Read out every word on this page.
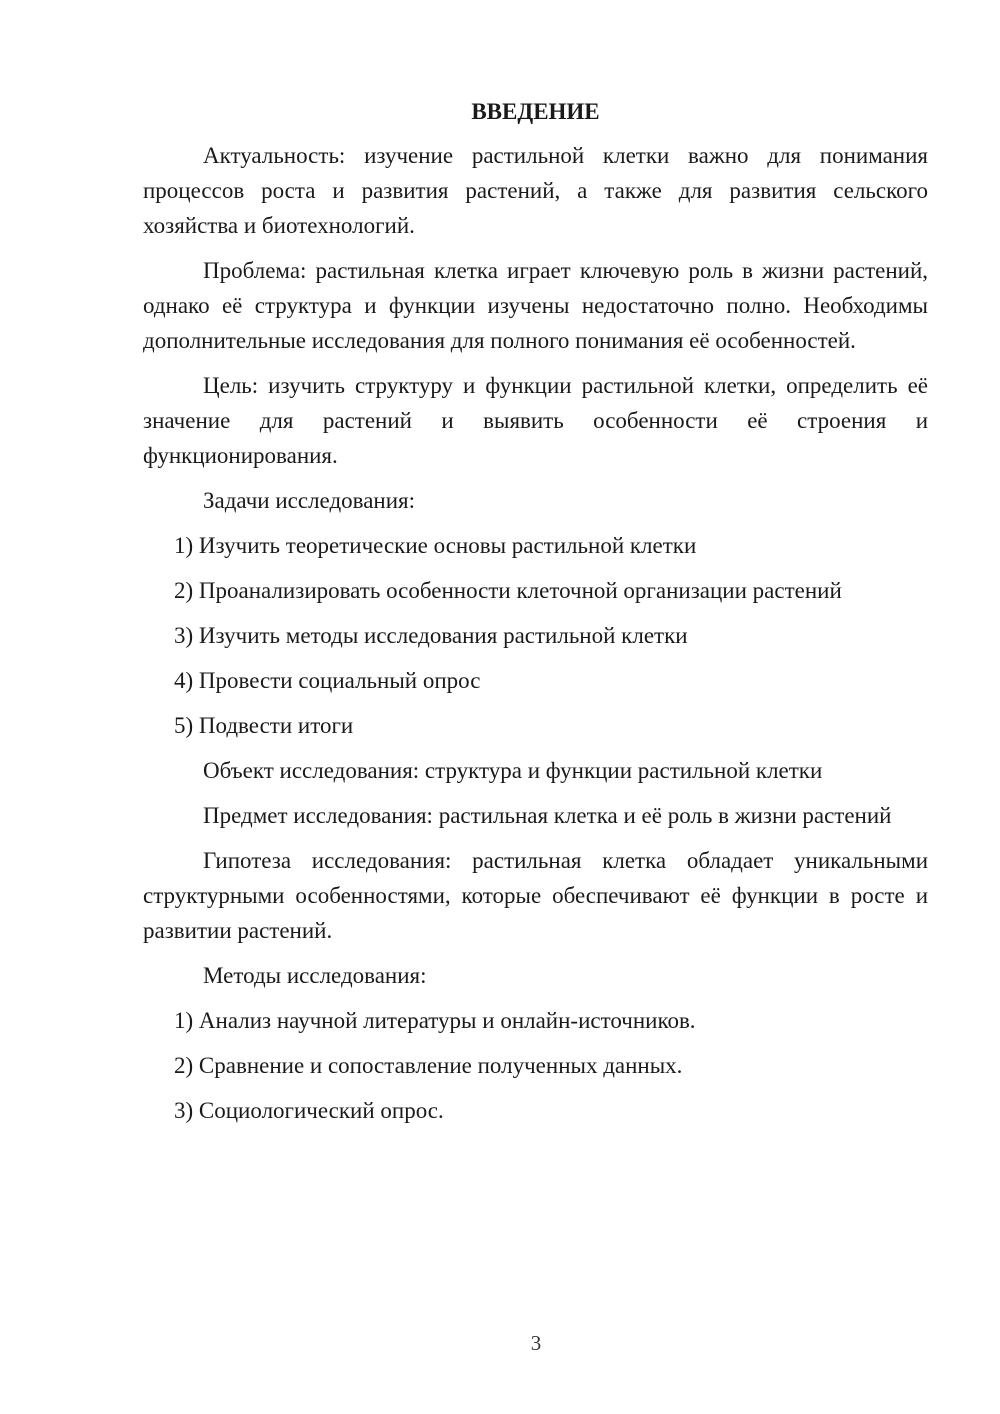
ВВЕДЕНИЕ

Актуальность: изучение растильной клетки важно для понимания процессов роста и развития растений, а также для развития сельского хозяйства и биотехнологий.

Проблема: растильная клетка играет ключевую роль в жизни растений, однако её структура и функции изучены недостаточно полно. Необходимы дополнительные исследования для полного понимания её особенностей.

Цель: изучить структуру и функции растильной клетки, определить её значение для растений и выявить особенности её строения и функционирования.

Задачи исследования:

1) Изучить теоретические основы растильной клетки
2) Проанализировать особенности клеточной организации растений
3) Изучить методы исследования растильной клетки
4) Провести социальный опрос
5) Подвести итоги

Объект исследования: структура и функции растильной клетки

Предмет исследования: растильная клетка и её роль в жизни растений

Гипотеза исследования: растильная клетка обладает уникальными структурными особенностями, которые обеспечивают её функции в росте и развитии растений.

Методы исследования:

1) Анализ научной литературы и онлайн-источников.
2) Сравнение и сопоставление полученных данных.
3) Социологический опрос.
3
